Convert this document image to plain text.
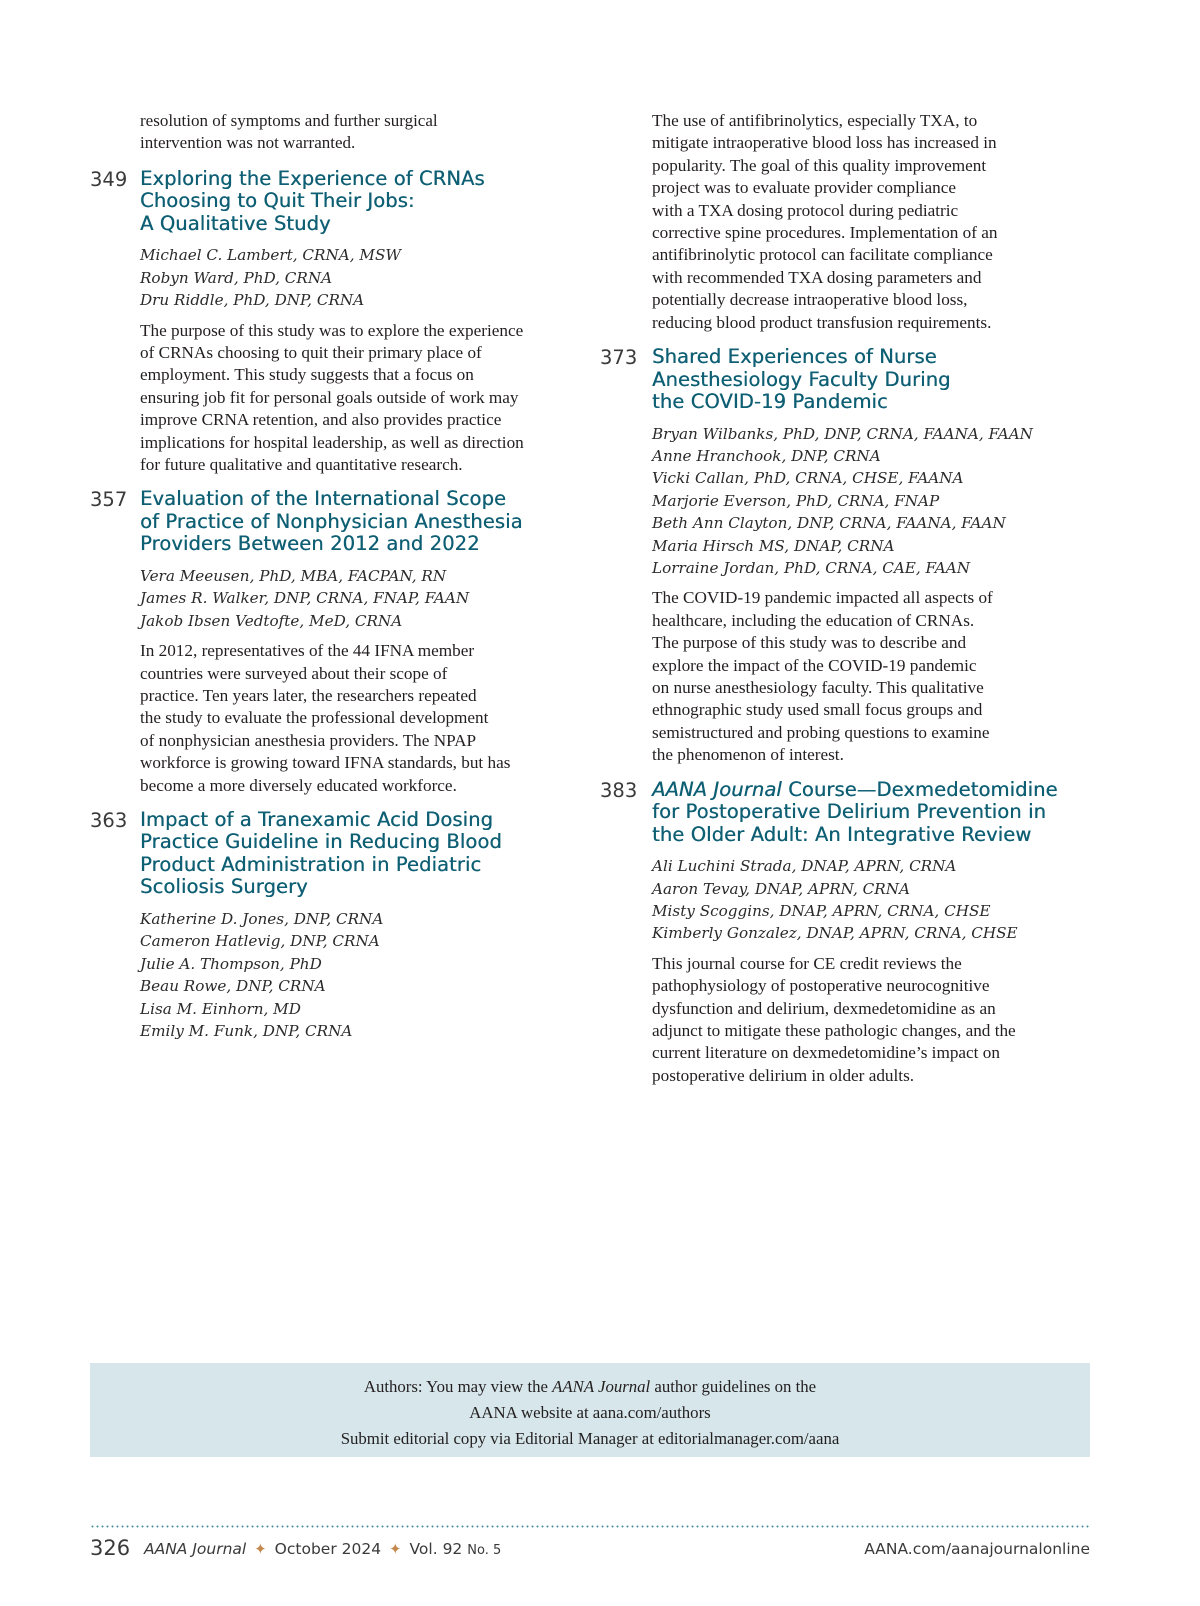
resolution of symptoms and further surgical
intervention was not warranted.
349 Exploring the Experience of CRNAs
Choosing to Quit Their Jobs:
A Qualitative Study
Michael C. Lambert, CRNA, MSW
Robyn Ward, PhD, CRNA
Dru Riddle, PhD, DNP, CRNA
The purpose of this study was to explore the experience
of CRNAs choosing to quit their primary place of
employment. This study suggests that a focus on
ensuring job fit for personal goals outside of work may
improve CRNA retention, and also provides practice
implications for hospital leadership, as well as direction
for future qualitative and quantitative research.
357 Evaluation of the International Scope
of Practice of Nonphysician Anesthesia
Providers Between 2012 and 2022
Vera Meeusen, PhD, MBA, FACPAN, RN
James R. Walker, DNP, CRNA, FNAP, FAAN
Jakob Ibsen Vedtofte, MeD, CRNA
In 2012, representatives of the 44 IFNA member
countries were surveyed about their scope of
practice. Ten years later, the researchers repeated
the study to evaluate the professional development
of nonphysician anesthesia providers. The NPAP
workforce is growing toward IFNA standards, but has
become a more diversely educated workforce.
363 Impact of a Tranexamic Acid Dosing
Practice Guideline in Reducing Blood
Product Administration in Pediatric
Scoliosis Surgery
Katherine D. Jones, DNP, CRNA
Cameron Hatlevig, DNP, CRNA
Julie A. Thompson, PhD
Beau Rowe, DNP, CRNA
Lisa M. Einhorn, MD
Emily M. Funk, DNP, CRNA
The use of antifibrinolytics, especially TXA, to
mitigate intraoperative blood loss has increased in
popularity. The goal of this quality improvement
project was to evaluate provider compliance
with a TXA dosing protocol during pediatric
corrective spine procedures. Implementation of an
antifibrinolytic protocol can facilitate compliance
with recommended TXA dosing parameters and
potentially decrease intraoperative blood loss,
reducing blood product transfusion requirements.
373 Shared Experiences of Nurse
Anesthesiology Faculty During
the COVID-19 Pandemic
Bryan Wilbanks, PhD, DNP, CRNA, FAANA, FAAN
Anne Hranchook, DNP, CRNA
Vicki Callan, PhD, CRNA, CHSE, FAANA
Marjorie Everson, PhD, CRNA, FNAP
Beth Ann Clayton, DNP, CRNA, FAANA, FAAN
Maria Hirsch MS, DNAP, CRNA
Lorraine Jordan, PhD, CRNA, CAE, FAAN
The COVID-19 pandemic impacted all aspects of
healthcare, including the education of CRNAs.
The purpose of this study was to describe and
explore the impact of the COVID-19 pandemic
on nurse anesthesiology faculty. This qualitative
ethnographic study used small focus groups and
semistructured and probing questions to examine
the phenomenon of interest.
383 AANA Journal Course—Dexmedetomidine
for Postoperative Delirium Prevention in
the Older Adult: An Integrative Review
Ali Luchini Strada, DNAP, APRN, CRNA
Aaron Tevay, DNAP, APRN, CRNA
Misty Scoggins, DNAP, APRN, CRNA, CHSE
Kimberly Gonzalez, DNAP, APRN, CRNA, CHSE
This journal course for CE credit reviews the
pathophysiology of postoperative neurocognitive
dysfunction and delirium, dexmedetomidine as an
adjunct to mitigate these pathologic changes, and the
current literature on dexmedetomidine’s impact on
postoperative delirium in older adults.
Authors: You may view the AANA Journal author guidelines on the
AANA website at aana.com/authors
Submit editorial copy via Editorial Manager at editorialmanager.com/aana
326 AANA Journal ✦ October 2024 ✦ Vol. 92 No. 5	AANA.com/aanajournalonline
